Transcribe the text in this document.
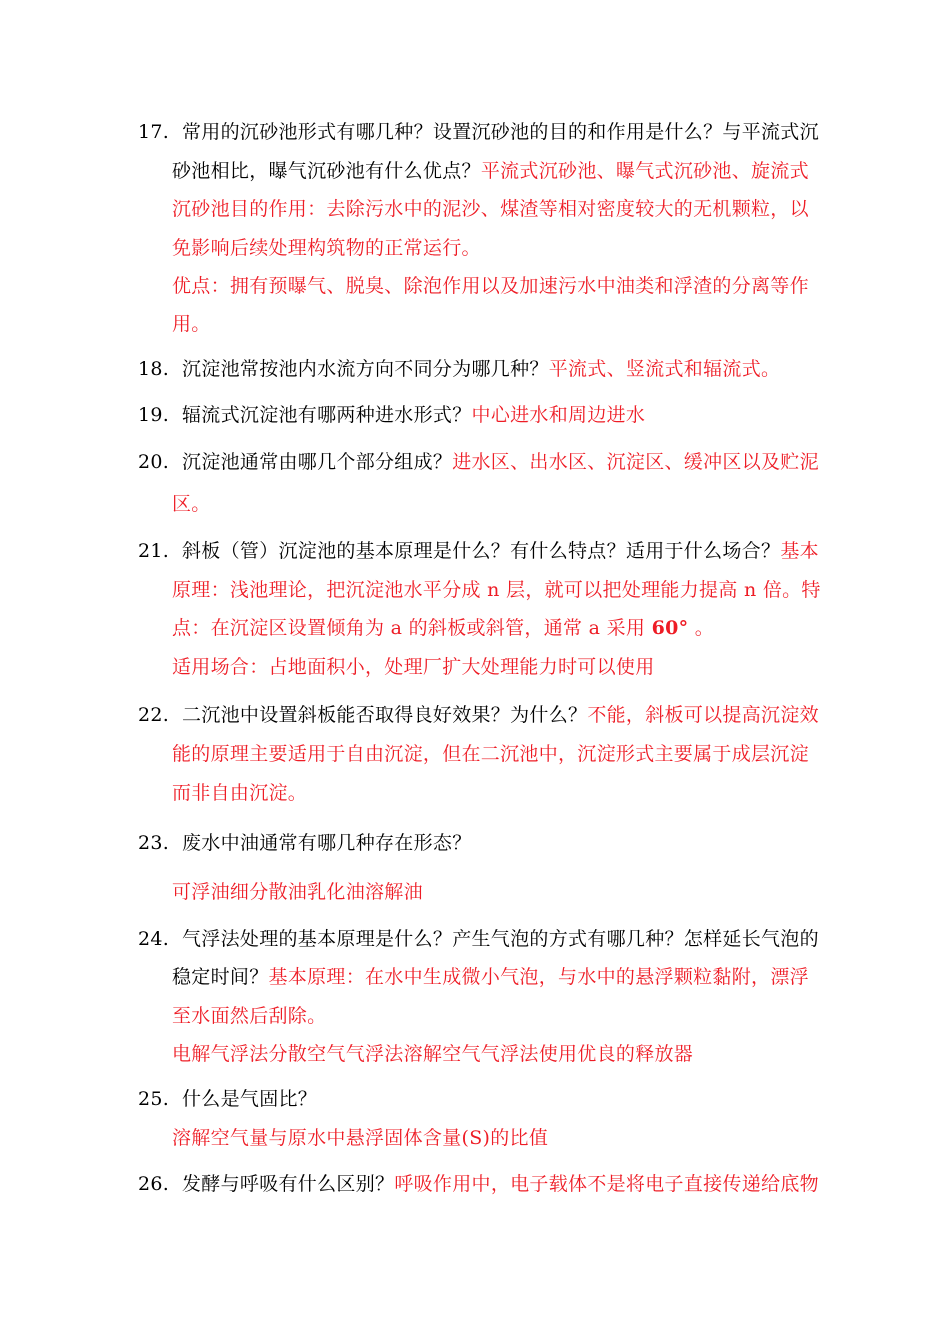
17. 常用的沉砂池形式有哪几种？设置沉砂池的目的和作用是什么？与平流式沉
砂池相比，曝气沉砂池有什么优点？平流式沉砂池、曝气式沉砂池、旋流式
沉砂池目的作用：去除污水中的泥沙、煤渣等相对密度较大的无机颗粒，以
免影响后续处理构筑物的正常运行。
优点：拥有预曝气、脱臭、除泡作用以及加速污水中油类和浮渣的分离等作
用。
18. 沉淀池常按池内水流方向不同分为哪几种？平流式、竖流式和辐流式。
19. 辐流式沉淀池有哪两种进水形式？中心进水和周边进水
20. 沉淀池通常由哪几个部分组成？进水区、出水区、沉淀区、缓冲区以及贮泥
区。
21. 斜板（管）沉淀池的基本原理是什么？有什么特点？适用于什么场合？基本
原理：浅池理论，把沉淀池水平分成 n 层，就可以把处理能力提高 n 倍。特
点：在沉淀区设置倾角为 a 的斜板或斜管，通常 a 采用 60° 。
适用场合：占地面积小，处理厂扩大处理能力时可以使用
22. 二沉池中设置斜板能否取得良好效果？为什么？不能，斜板可以提高沉淀效
能的原理主要适用于自由沉淀，但在二沉池中，沉淀形式主要属于成层沉淀
而非自由沉淀。
23. 废水中油通常有哪几种存在形态？
可浮油细分散油乳化油溶解油
24. 气浮法处理的基本原理是什么？产生气泡的方式有哪几种？怎样延长气泡的
稳定时间？基本原理：在水中生成微小气泡，与水中的悬浮颗粒黏附，漂浮
至水面然后刮除。
电解气浮法分散空气气浮法溶解空气气浮法使用优良的释放器
25. 什么是气固比？
溶解空气量与原水中悬浮固体含量(S)的比值
26. 发酵与呼吸有什么区别？呼吸作用中，电子载体不是将电子直接传递给底物
